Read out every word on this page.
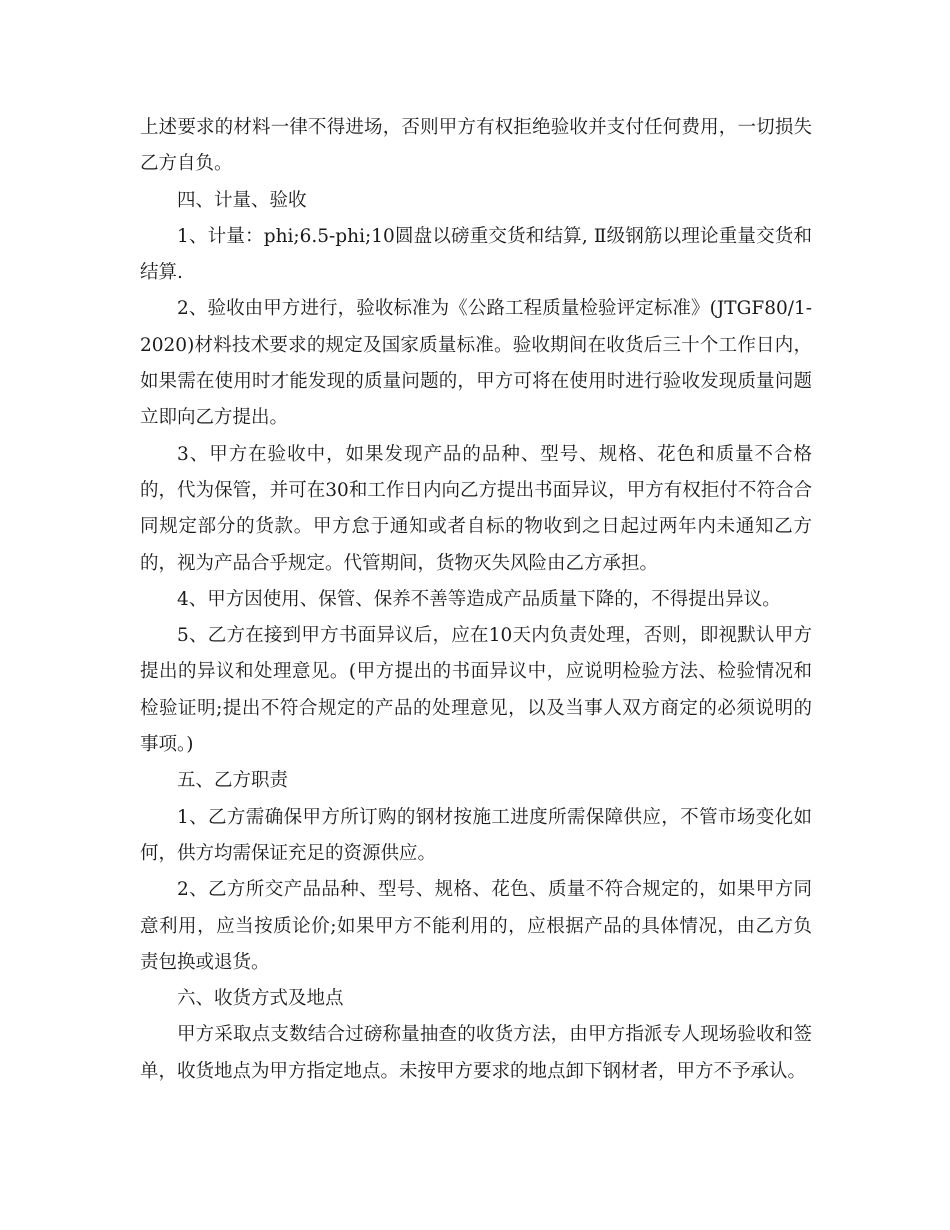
上述要求的材料一律不得进场，否则甲方有权拒绝验收并支付任何费用，一切损失乙方自负。

四、计量、验收

1、计量：phi;6.5-phi;10圆盘以磅重交货和结算, Ⅱ级钢筋以理论重量交货和结算.

2、验收由甲方进行，验收标准为《公路工程质量检验评定标准》(JTGF80/1-2020)材料技术要求的规定及国家质量标准。验收期间在收货后三十个工作日内，如果需在使用时才能发现的质量问题的，甲方可将在使用时进行验收发现质量问题立即向乙方提出。

3、甲方在验收中，如果发现产品的品种、型号、规格、花色和质量不合格的，代为保管，并可在30和工作日内向乙方提出书面异议，甲方有权拒付不符合合同规定部分的货款。甲方怠于通知或者自标的物收到之日起过两年内未通知乙方的，视为产品合乎规定。代管期间，货物灭失风险由乙方承担。

4、甲方因使用、保管、保养不善等造成产品质量下降的，不得提出异议。

5、乙方在接到甲方书面异议后，应在10天内负责处理，否则，即视默认甲方提出的异议和处理意见。(甲方提出的书面异议中，应说明检验方法、检验情况和检验证明;提出不符合规定的产品的处理意见，以及当事人双方商定的必须说明的事项。)

五、乙方职责

1、乙方需确保甲方所订购的钢材按施工进度所需保障供应，不管市场变化如何，供方均需保证充足的资源供应。

2、乙方所交产品品种、型号、规格、花色、质量不符合规定的，如果甲方同意利用，应当按质论价;如果甲方不能利用的，应根据产品的具体情况，由乙方负责包换或退货。

六、收货方式及地点

甲方采取点支数结合过磅称量抽查的收货方法，由甲方指派专人现场验收和签单，收货地点为甲方指定地点。未按甲方要求的地点卸下钢材者，甲方不予承认。
